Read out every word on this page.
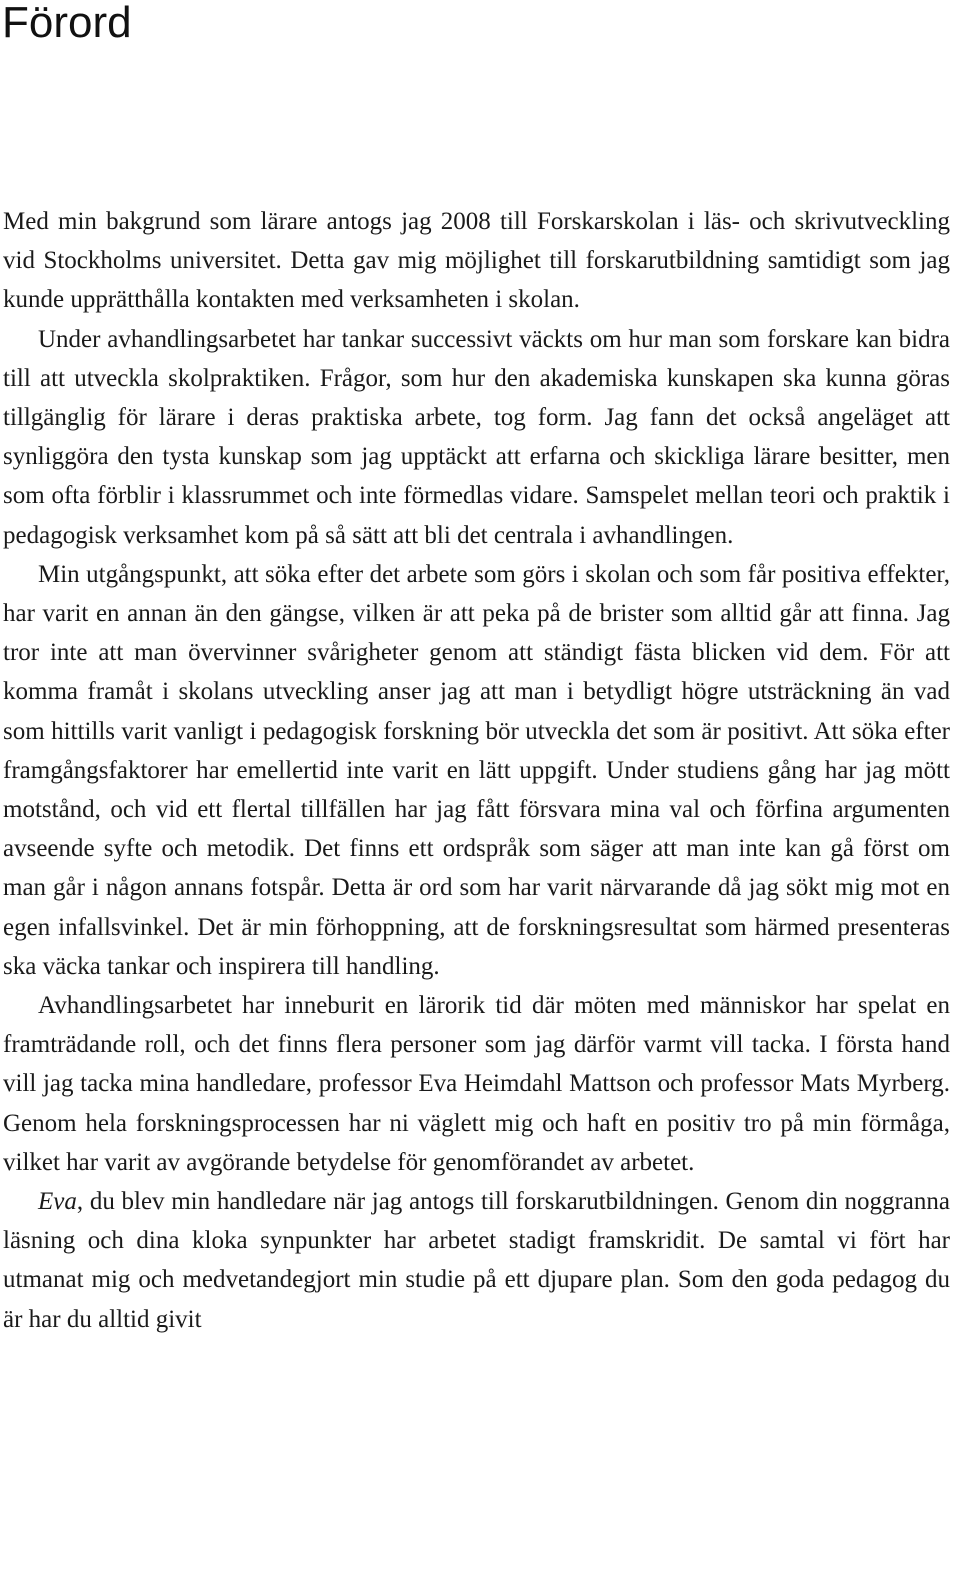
Förord

Med min bakgrund som lärare antogs jag 2008 till Forskarskolan i läs- och skrivutveckling vid Stockholms universitet. Detta gav mig möjlighet till forskarutbildning samtidigt som jag kunde upprätthålla kontakten med verksamheten i skolan.

Under avhandlingsarbetet har tankar successivt väckts om hur man som forskare kan bidra till att utveckla skolpraktiken. Frågor, som hur den akademiska kunskapen ska kunna göras tillgänglig för lärare i deras praktiska arbete, tog form. Jag fann det också angeläget att synliggöra den tysta kunskap som jag upptäckt att erfarna och skickliga lärare besitter, men som ofta förblir i klassrummet och inte förmedlas vidare. Samspelet mellan teori och praktik i pedagogisk verksamhet kom på så sätt att bli det centrala i avhandlingen.

Min utgångspunkt, att söka efter det arbete som görs i skolan och som får positiva effekter, har varit en annan än den gängse, vilken är att peka på de brister som alltid går att finna. Jag tror inte att man övervinner svårigheter genom att ständigt fästa blicken vid dem. För att komma framåt i skolans utveckling anser jag att man i betydligt högre utsträckning än vad som hittills varit vanligt i pedagogisk forskning bör utveckla det som är positivt. Att söka efter framgångsfaktorer har emellertid inte varit en lätt uppgift. Under studiens gång har jag mött motstånd, och vid ett flertal tillfällen har jag fått försvara mina val och förfina argumenten avseende syfte och metodik. Det finns ett ordspråk som säger att man inte kan gå först om man går i någon annans fotspår. Detta är ord som har varit närvarande då jag sökt mig mot en egen infallsvinkel. Det är min förhoppning, att de forskningsresultat som härmed presenteras ska väcka tankar och inspirera till handling.

Avhandlingsarbetet har inneburit en lärorik tid där möten med människor har spelat en framträdande roll, och det finns flera personer som jag därför varmt vill tacka. I första hand vill jag tacka mina handledare, professor Eva Heimdahl Mattson och professor Mats Myrberg. Genom hela forskningsprocessen har ni väglett mig och haft en positiv tro på min förmåga, vilket har varit av avgörande betydelse för genomförandet av arbetet.

Eva, du blev min handledare när jag antogs till forskarutbildningen. Genom din noggranna läsning och dina kloka synpunkter har arbetet stadigt framskridit. De samtal vi fört har utmanat mig och medvetandegjort min studie på ett djupare plan. Som den goda pedagog du är har du alltid givit
